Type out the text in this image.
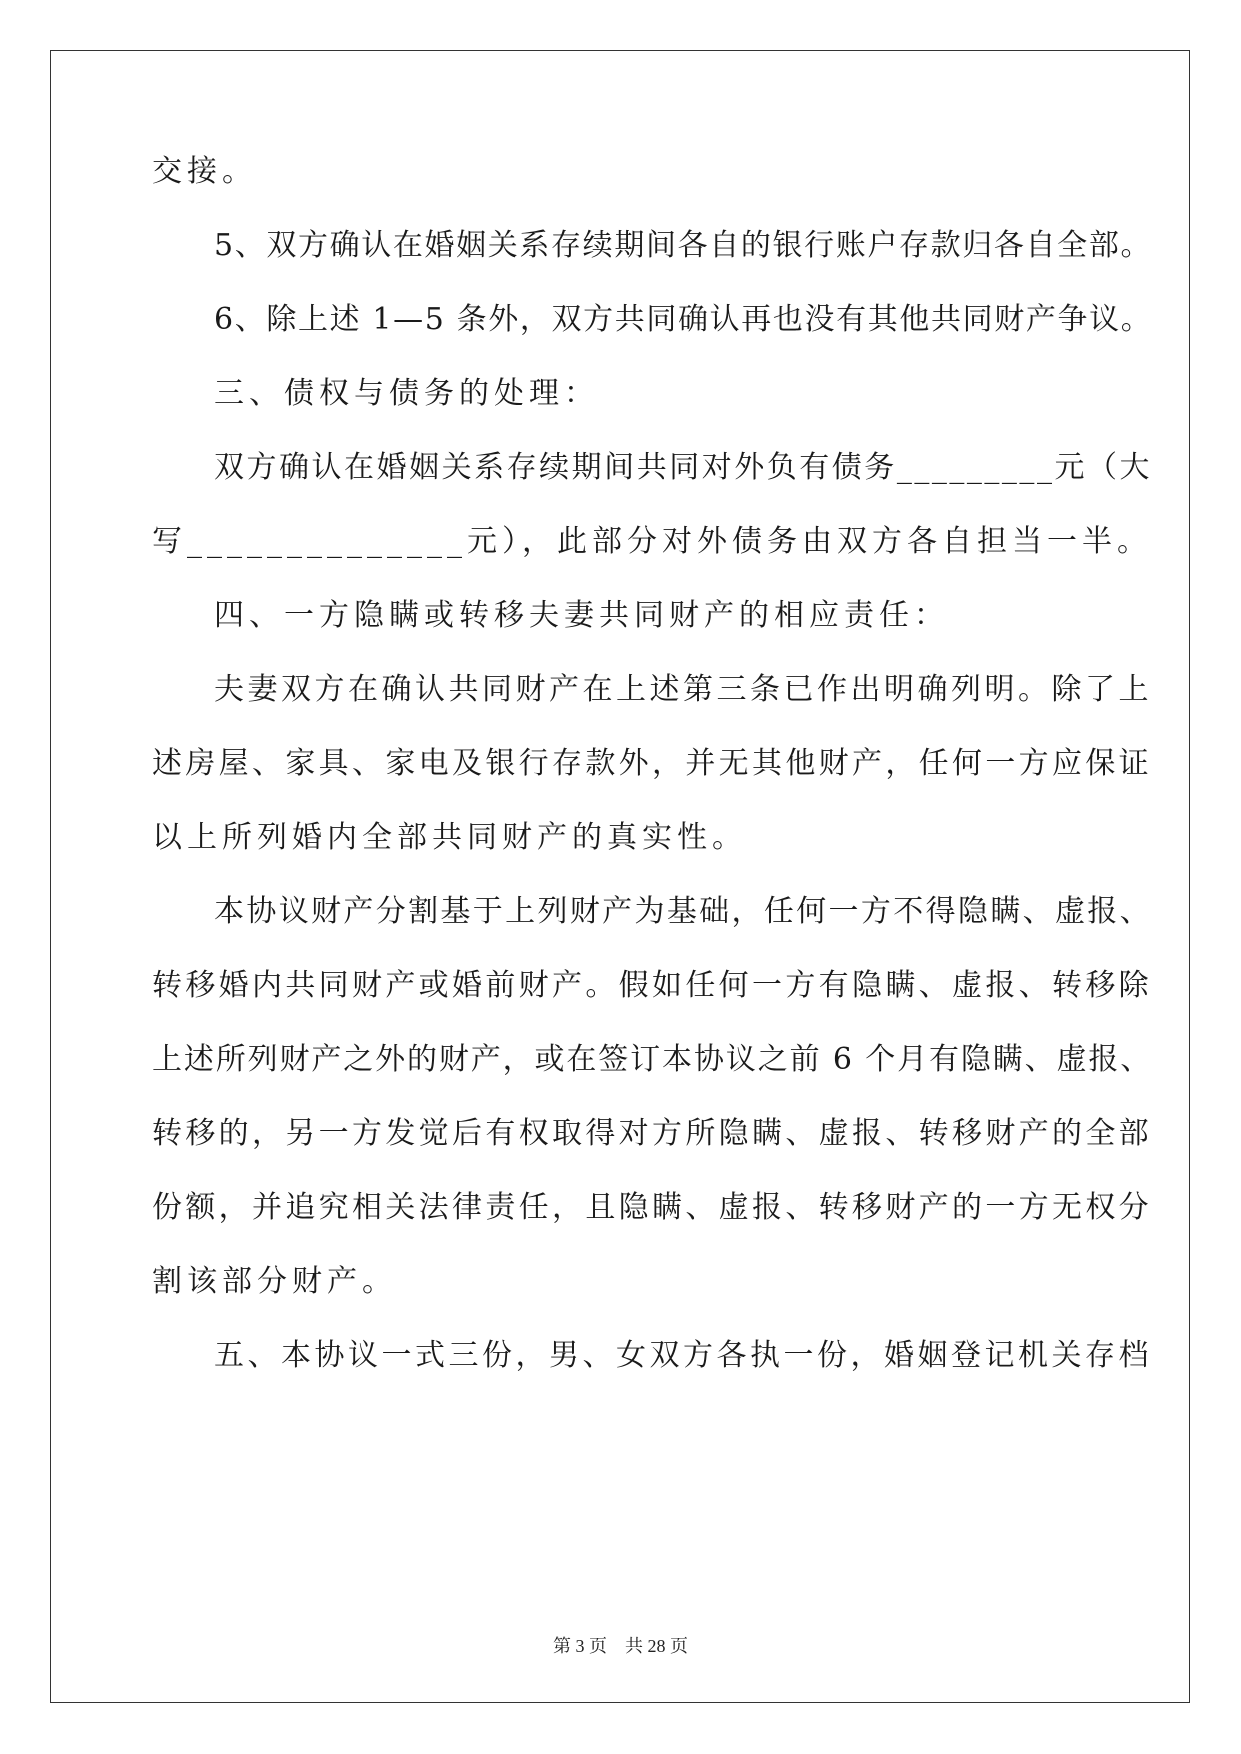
交接。
5、双方确认在婚姻关系存续期间各自的银行账户存款归各自全部。
6、除上述 1—5 条外，双方共同确认再也没有其他共同财产争议。
三、债权与债务的处理：
双方确认在婚姻关系存续期间共同对外负有债务_________元（大
写______________元），此部分对外债务由双方各自担当一半。
四、一方隐瞒或转移夫妻共同财产的相应责任：
夫妻双方在确认共同财产在上述第三条已作出明确列明。除了上
述房屋、家具、家电及银行存款外，并无其他财产，任何一方应保证
以上所列婚内全部共同财产的真实性。
本协议财产分割基于上列财产为基础，任何一方不得隐瞒、虚报、
转移婚内共同财产或婚前财产。假如任何一方有隐瞒、虚报、转移除
上述所列财产之外的财产，或在签订本协议之前 6 个月有隐瞒、虚报、
转移的，另一方发觉后有权取得对方所隐瞒、虚报、转移财产的全部
份额，并追究相关法律责任，且隐瞒、虚报、转移财产的一方无权分
割该部分财产。
五、本协议一式三份，男、女双方各执一份，婚姻登记机关存档
第 3 页    共 28 页
